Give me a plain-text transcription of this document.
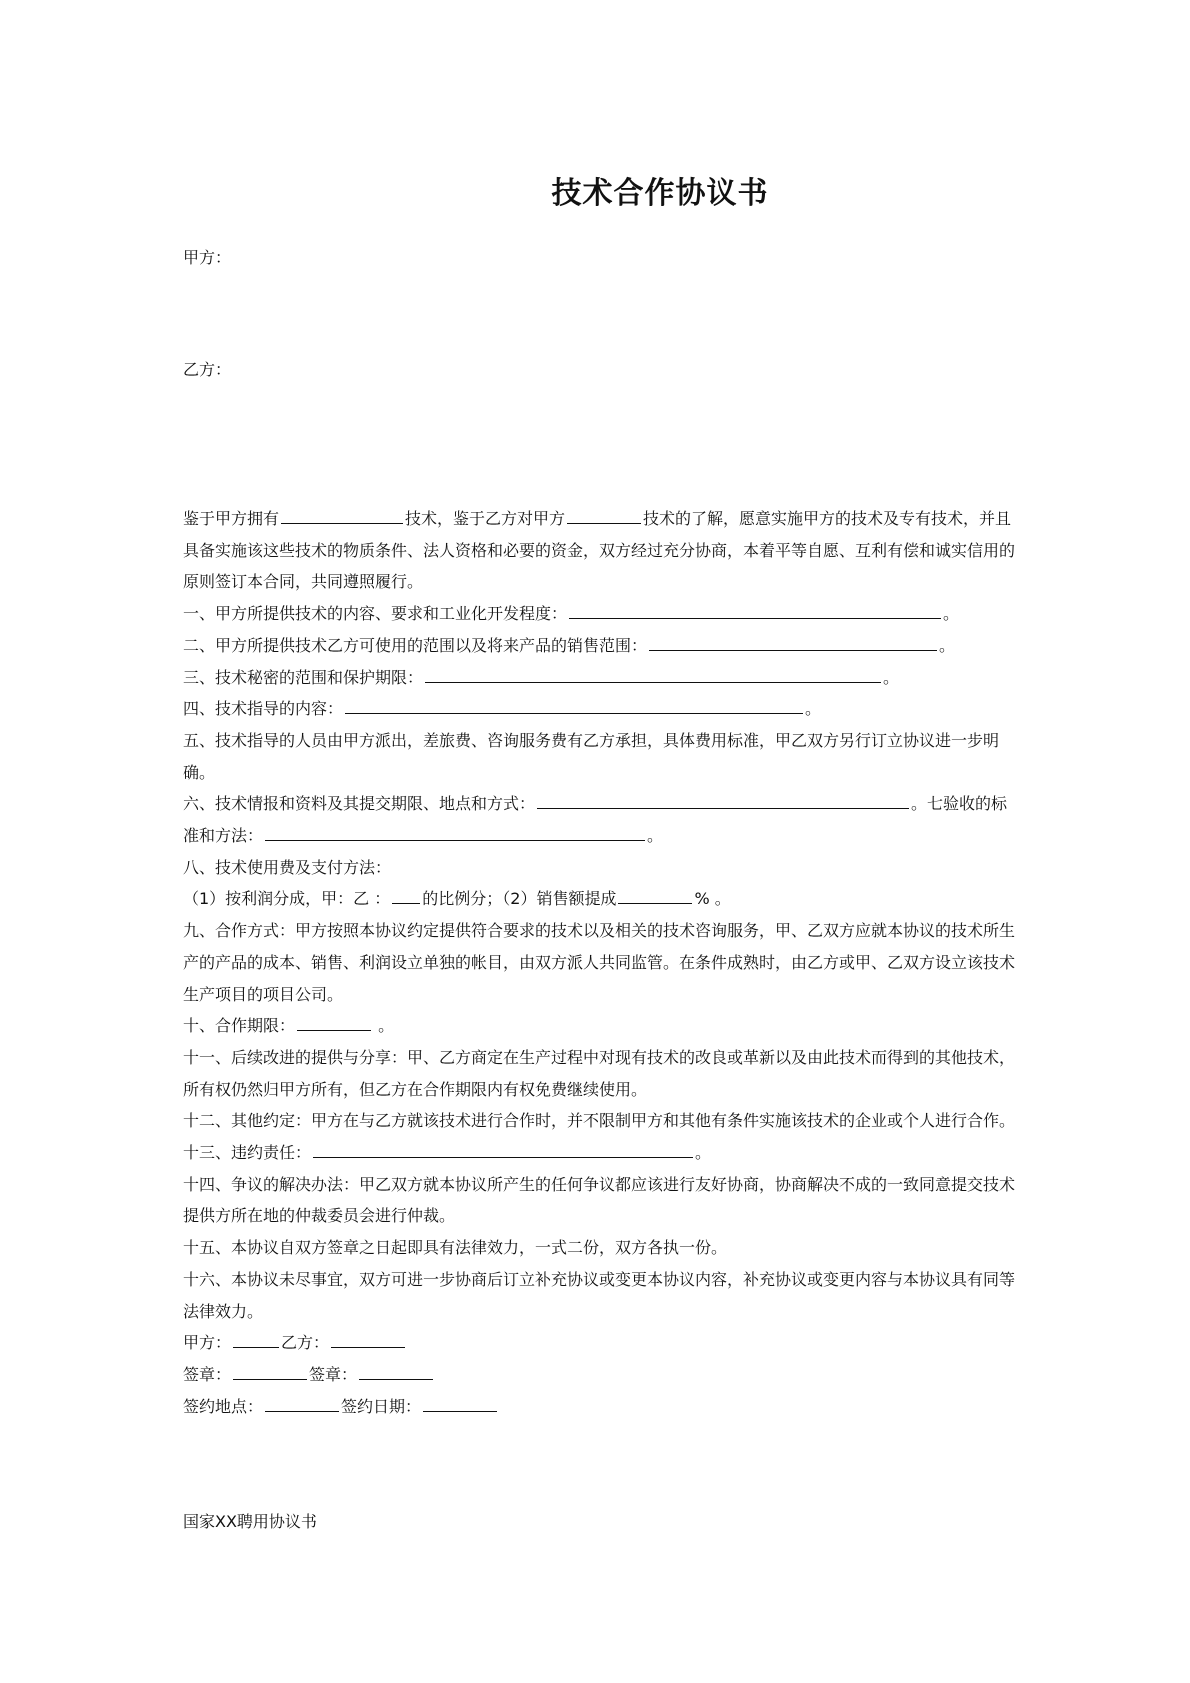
技术合作协议书
甲方：
乙方：

鉴于甲方拥有	技术，鉴于乙方对甲方	技术的了解，愿意实施甲方的技术及专有技术，并且具备实施该这些技术的物质条件、法人资格和必要的资金，双方经过充分协商，本着平等自愿、互利有偿和诚实信用的原则签订本合同，共同遵照履行。

一、甲方所提供技术的内容、要求和工业化开发程度：	。

二、甲方所提供技术乙方可使用的范围以及将来产品的销售范围：	。

三、技术秘密的范围和保护期限：	。

四、技术指导的内容：	。

五、技术指导的人员由甲方派出，差旅费、咨询服务费有乙方承担，具体费用标准，甲乙双方另行订立协议进一步明确。

六、技术情报和资料及其提交期限、地点和方式：	。七验收的标准和方法：	。

八、技术使用费及支付方法：

（1）按利润分成，甲：乙 ： 的比例分；（2）销售额提成	% 。

九、合作方式：甲方按照本协议约定提供符合要求的技术以及相关的技术咨询服务，甲、乙双方应就本协议的技术所生产的产品的成本、销售、利润设立单独的帐目，由双方派人共同监管。在条件成熟时，由乙方或甲、乙双方设立该技术生产项目的项目公司。

十、合作期限：	。

十一、后续改进的提供与分享：甲、乙方商定在生产过程中对现有技术的改良或革新以及由此技术而得到的其他技术，所有权仍然归甲方所有，但乙方在合作期限内有权免费继续使用。

十二、其他约定：甲方在与乙方就该技术进行合作时，并不限制甲方和其他有条件实施该技术的企业或个人进行合作。

十三、违约责任：	。

十四、争议的解决办法：甲乙双方就本协议所产生的任何争议都应该进行友好协商，协商解决不成的一致同意提交技术提供方所在地的仲裁委员会进行仲裁。

十五、本协议自双方签章之日起即具有法律效力，一式二份，双方各执一份。

十六、本协议未尽事宜，双方可进一步协商后订立补充协议或变更本协议内容，补充协议或变更内容与本协议具有同等法律效力。

甲方：	乙方：

签章：	签章：

签约地点：	签约日期：

国家XX聘用协议书
